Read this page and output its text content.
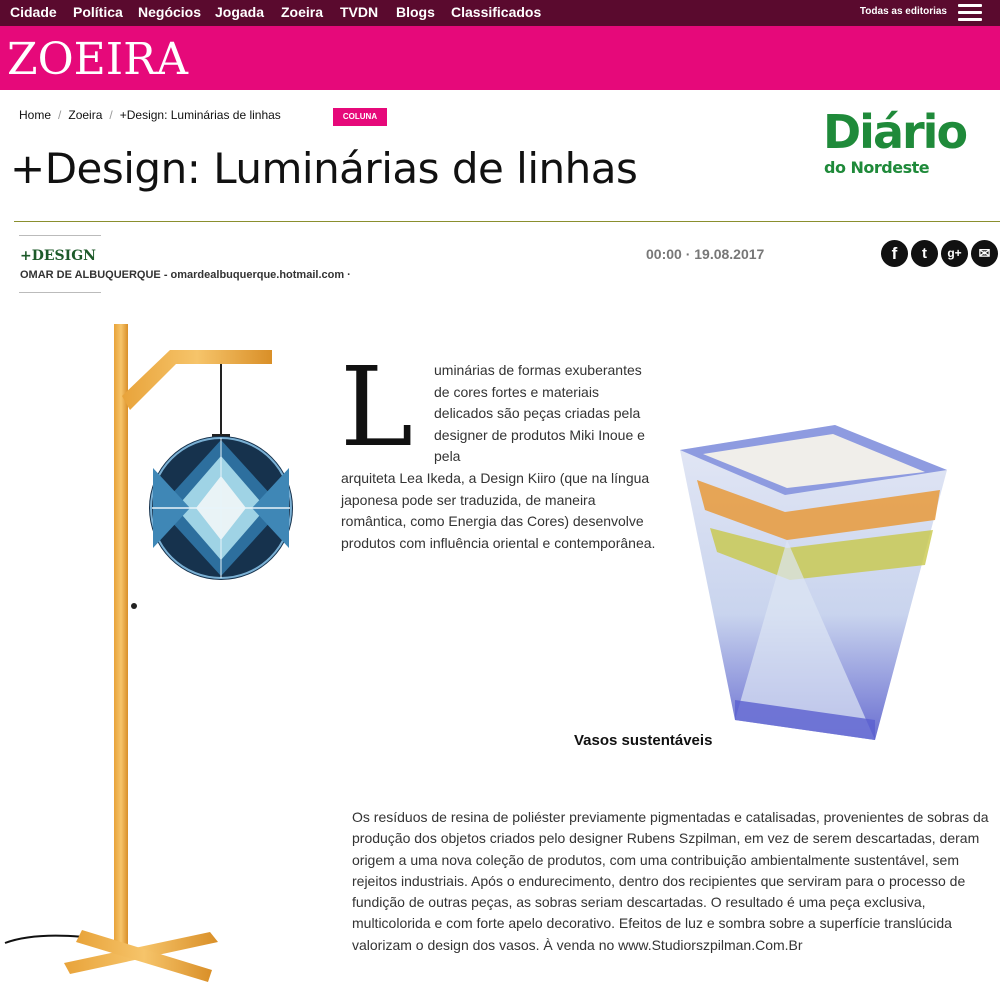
Cidade Política Negócios Jogada Zoeira TVDN Blogs Classificados	Todas as editorias
ZOEIRA
Home / Zoeira / +Design: Luminárias de linhas	COLUNA
+Design: Luminárias de linhas
Diário
do Nordeste
+DESIGN
OMAR DE ALBUQUERQUE - omardealbuquerque.hotmail.com ·
00:00 · 19.08.2017	f	t	g+	✉
L uminárias de formas exuberantes de cores fortes e materiais delicados são peças criadas pela designer de produtos Miki Inoue e pela

arquiteta Lea Ikeda, a Design Kiiro (que na língua japonesa pode ser traduzida, de maneira romântica, como Energia das Cores) desenvolve produtos com influência oriental e contemporânea.

Vasos sustentáveis

Os resíduos de resina de poliéster previamente pigmentadas e catalisadas, provenientes de sobras da produção dos objetos criados pelo designer Rubens Szpilman, em vez de serem descartadas, deram origem a uma nova coleção de produtos, com uma contribuição ambientalmente sustentável, sem rejeitos industriais. Após o endurecimento, dentro dos recipientes que serviram para o processo de fundição de outras peças, as sobras seriam descartadas. O resultado é uma peça exclusiva, multicolorida e com forte apelo decorativo. Efeitos de luz e sombra sobre a superfície translúcida valorizam o design dos vasos. À venda no www.Studiorszpilman.Com.Br
